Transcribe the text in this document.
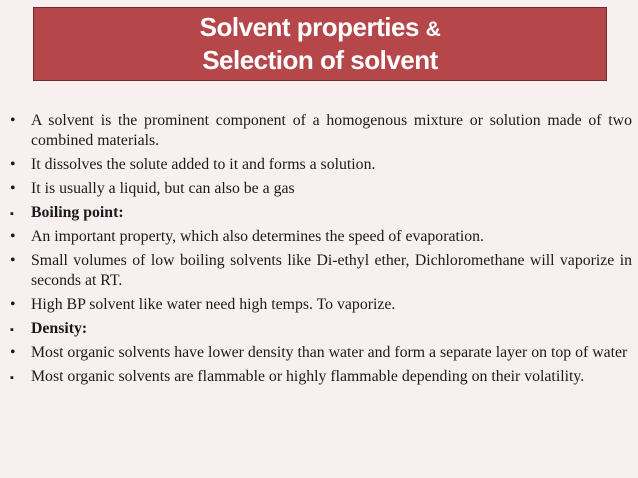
Solvent properties &
Selection of solvent
• A solvent is the prominent component of a homogenous mixture or solution made of two combined materials.
• It dissolves the solute added to it and forms a solution.
• It is usually a liquid, but can also be a gas
▪	Boiling point:
• An important property, which also determines the speed of evaporation.
• Small volumes of low boiling solvents like Di-ethyl ether, Dichloromethane will vaporize in seconds at RT.
• High BP solvent like water need high temps. To vaporize.
▪	Density:
• Most organic solvents have lower density than water and form a separate layer on top of water
▪	Most organic solvents are flammable or highly flammable depending on their volatility.
